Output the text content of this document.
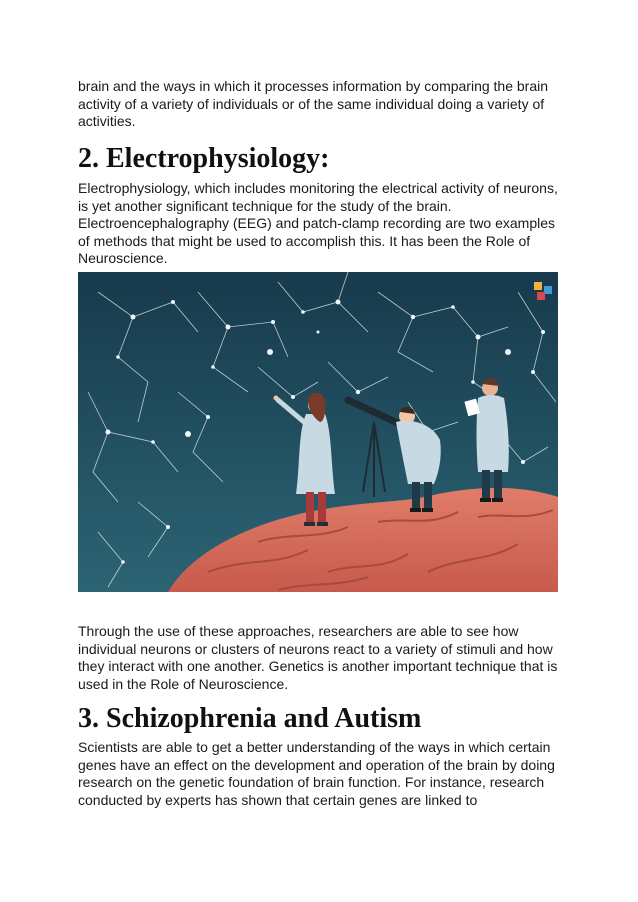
brain and the ways in which it processes information by comparing the brain activity of a variety of individuals or of the same individual doing a variety of activities.

2. Electrophysiology:

Electrophysiology, which includes monitoring the electrical activity of neurons, is yet another significant technique for the study of the brain. Electroencephalography (EEG) and patch-clamp recording are two examples of methods that might be used to accomplish this. It has been the Role of Neuroscience.

Through the use of these approaches, researchers are able to see how individual neurons or clusters of neurons react to a variety of stimuli and how they interact with one another. Genetics is another important technique that is used in the Role of Neuroscience.

3. Schizophrenia and Autism

Scientists are able to get a better understanding of the ways in which certain genes have an effect on the development and operation of the brain by doing research on the genetic foundation of brain function. For instance, research conducted by experts has shown that certain genes are linked to
